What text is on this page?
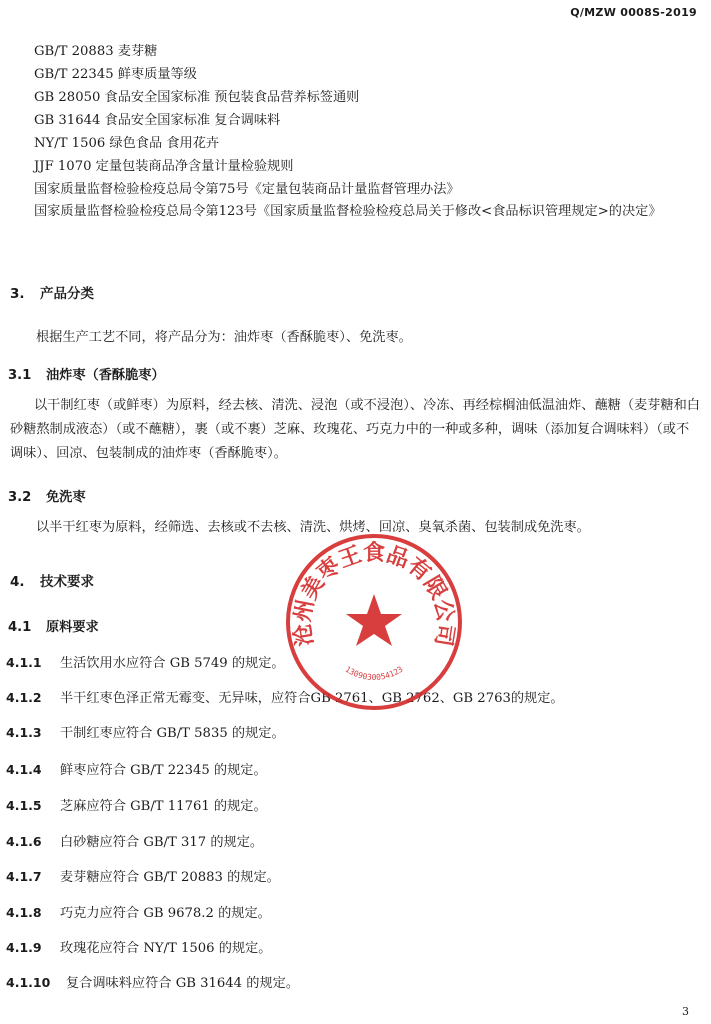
Q/MZW 0008S-2019
GB/T 20883 麦芽糖
GB/T 22345 鲜枣质量等级
GB 28050 食品安全国家标准 预包装食品营养标签通则
GB 31644 食品安全国家标准 复合调味料
NY/T 1506 绿色食品 食用花卉
JJF 1070 定量包装商品净含量计量检验规则
国家质量监督检验检疫总局令第75号《定量包装商品计量监督管理办法》
国家质量监督检验检疫总局令第123号《国家质量监督检验检疫总局关于修改<食品标识管理规定>的决定》
3. 产品分类
根据生产工艺不同，将产品分为：油炸枣（香酥脆枣）、免洗枣。
3.1 油炸枣（香酥脆枣）
以干制红枣（或鲜枣）为原料，经去核、清洗、浸泡（或不浸泡）、冷冻、再经棕榈油低温油炸、蘸糖（麦芽糖和白砂糖熬制成液态）（或不蘸糖），裹（或不裹）芝麻、玫瑰花、巧克力中的一种或多种，调味（添加复合调味料）（或不调味）、回凉、包装制成的油炸枣（香酥脆枣）。
3.2 免洗枣
以半干红枣为原料，经筛选、去核或不去核、清洗、烘烤、回凉、臭氧杀菌、包装制成免洗枣。
4. 技术要求
4.1 原料要求
4.1.1 生活饮用水应符合 GB 5749 的规定。
4.1.2 半干红枣色泽正常无霉变、无异味，应符合GB 2761、GB 2762、GB 2763的规定。
4.1.3 干制红枣应符合 GB/T 5835 的规定。
4.1.4 鲜枣应符合 GB/T 22345 的规定。
4.1.5 芝麻应符合 GB/T 11761 的规定。
4.1.6 白砂糖应符合 GB/T 317 的规定。
4.1.7 麦芽糖应符合 GB/T 20883 的规定。
4.1.8 巧克力应符合 GB 9678.2 的规定。
4.1.9 玫瑰花应符合 NY/T 1506 的规定。
4.1.10 复合调味料应符合 GB 31644 的规定。
沧州美枣王食品有限公司
1309030054123
3
